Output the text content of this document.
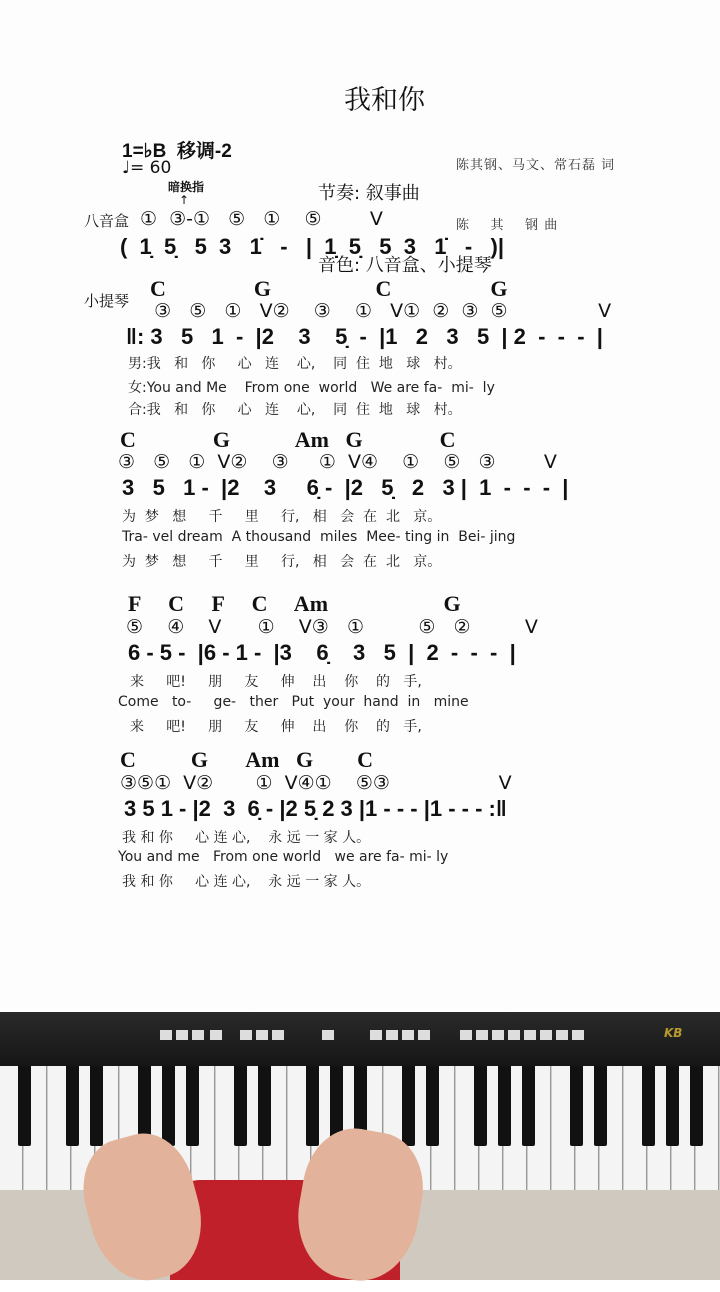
我和你

陈其钢、马文、常石磊 词

陈    其    钢 曲

1=♭B  移调-2
♩= 60

节奏: 叙事曲

音色: 八音盒、小提琴

暗换指
↑
八音盒 ①  ③-①   ⑤   ①    ⑤        V
(  1̣  5̣   5  3   1̇   -   |  1̣  5̣   5  3   1̇   -   )|
小提琴 C                G                   C                  G
③   ⑤   ①   V②    ③    ①   V①  ②  ③  ⑤               V
‖: 3   5   1  -  |2    3    5̣  -  |1   2   3   5  | 2  -  -  -  |
男:我   和   你     心   连    心,    同  住  地   球   村。
女:You and Me    From one  world   We are fa-  mi-  ly
合:我   和   你     心   连    心,    同  住  地   球   村。
C              G            Am   G              C
③   ⑤   ①  V②    ③     ①  V④    ①    ⑤   ③        V
3   5   1 -  |2    3     6̣ -  |2   5̣   2   3 |  1  -  -  -  |
为  梦   想     千     里     行,   相   会  在  北   京。
Tra- vel dream  A thousand  miles  Mee- ting in  Bei- jing
为  梦   想     千     里     行,   相   会  在  北   京。
F     C     F     C     Am                     G
⑤    ④    V      ①    V③   ①         ⑤   ②         V
6 - 5 -  |6 - 1 -  |3    6̣    3   5  |  2  -  -  -  |
来     吧!     朋     友     伸    出    你    的   手,
Come   to-     ge-   ther   Put  your  hand  in   mine
来     吧!     朋     友     伸    出    你    的   手,
C          G       Am   G        C
③⑤①  V②       ①  V④①    ⑤③                  V
3 5 1 - |2  3  6̣ - |2 5̣ 2 3 |1 - - - |1 - - - :‖
我 和 你     心 连 心,    永 远 一 家 人。
You and me   From one world   we are fa- mi- ly
我 和 你     心 连 心,    永 远 一 家 人。
KB
